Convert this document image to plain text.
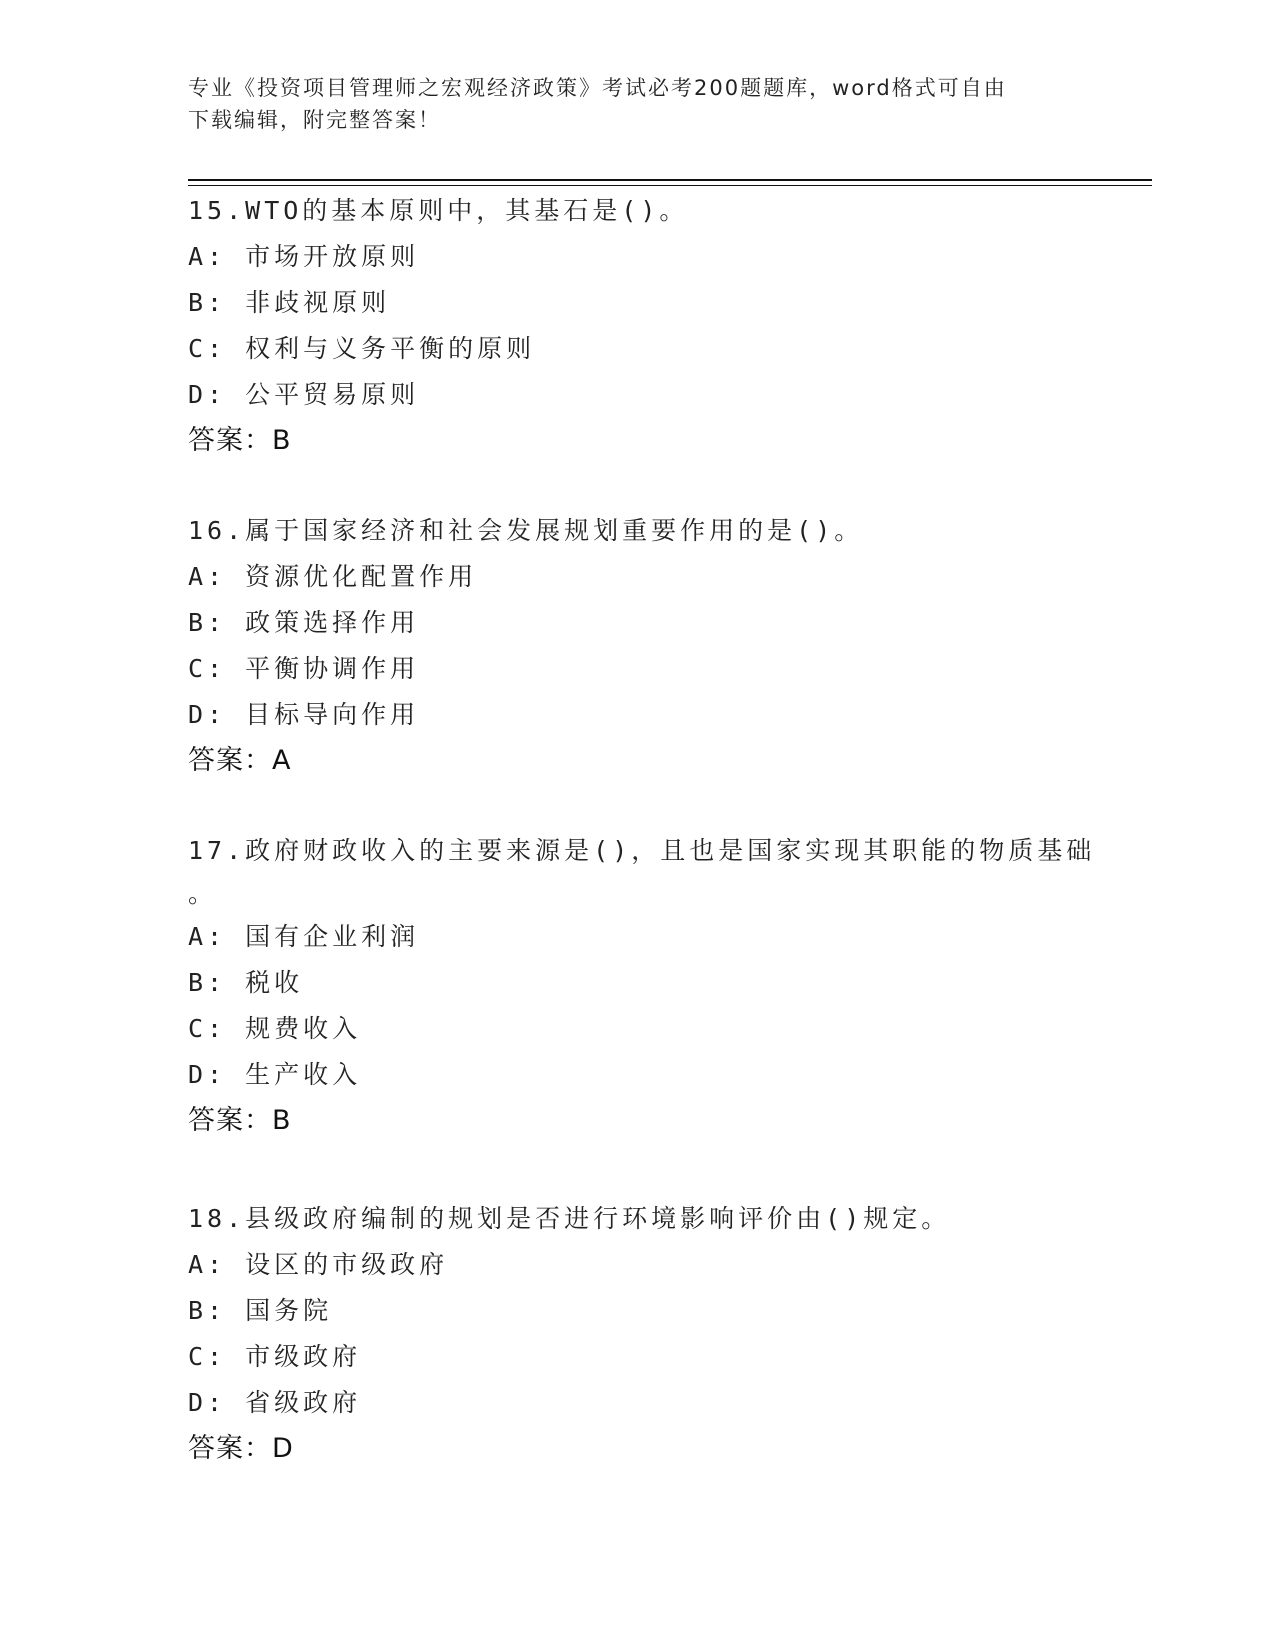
专业《投资项目管理师之宏观经济政策》考试必考200题题库，word格式可自由
下载编辑，附完整答案！
15.WTO的基本原则中，其基石是()。
A: 市场开放原则
B: 非歧视原则
C: 权利与义务平衡的原则
D: 公平贸易原则
答案：B
16.属于国家经济和社会发展规划重要作用的是()。
A: 资源优化配置作用
B: 政策选择作用
C: 平衡协调作用
D: 目标导向作用
答案：A
17.政府财政收入的主要来源是()，且也是国家实现其职能的物质基础
。
A: 国有企业利润
B: 税收
C: 规费收入
D: 生产收入
答案：B
18.县级政府编制的规划是否进行环境影响评价由()规定。
A: 设区的市级政府
B: 国务院
C: 市级政府
D: 省级政府
答案：D
